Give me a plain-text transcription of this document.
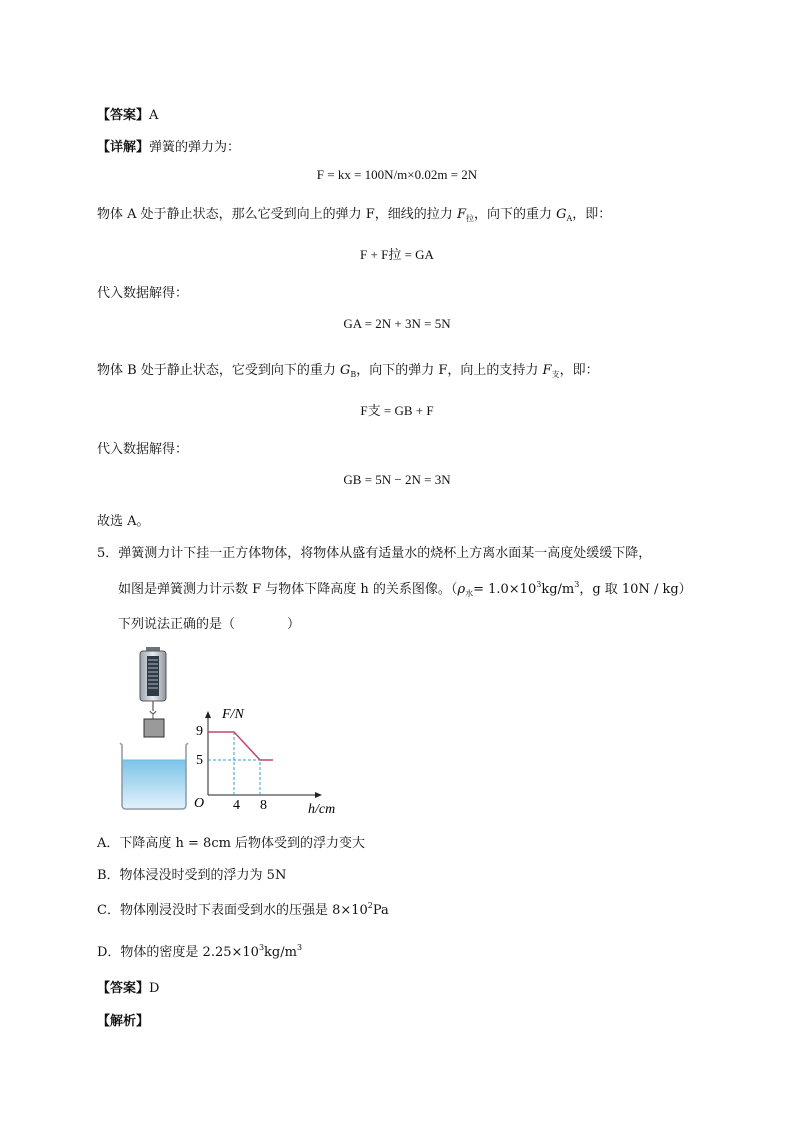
【答案】A
【详解】弹簧的弹力为：
F = kx = 100N/m×0.02m = 2N
物体 A 处于静止状态，那么它受到向上的弹力 F，细线的拉力 $F_拉$，向下的重力 $G_A$，即：
F + F拉 = GA
代入数据解得：
GA = 2N + 3N = 5N
物体 B 处于静止状态，它受到向下的重力 $G_B$，向下的弹力 F，向上的支持力 $F_支$，即：
F支 = GB + F
代入数据解得：
GB = 5N − 2N = 3N
故选 A。
5．弹簧测力计下挂一正方体物体，将物体从盛有适量水的烧杯上方离水面某一高度处缓缓下降，
如图是弹簧测力计示数 F 与物体下降高度 h 的关系图像。（$\rho_水= 1.0\times 10^3kg/m^3$，g 取 10N / kg）
下列说法正确的是（　　　　）
F/N
h/cm
O
9
5
4 8
A．下降高度 h = 8cm 后物体受到的浮力变大
B．物体浸没时受到的浮力为 5N
C．物体刚浸没时下表面受到水的压强是 $8\times 10^2Pa$
D．物体的密度是 $2.25\times 10^3kg/m^3$
【答案】D
【解析】
